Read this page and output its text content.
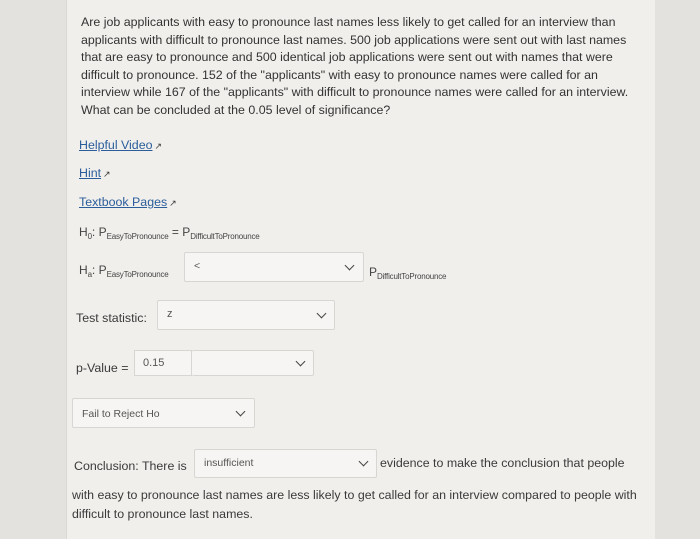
Are job applicants with easy to pronounce last names less likely to get called for an interview than applicants with difficult to pronounce last names. 500 job applications were sent out with last names that are easy to pronounce and 500 identical job applications were sent out with names that were difficult to pronounce. 152 of the "applicants" with easy to pronounce names were called for an interview while 167 of the "applicants" with difficult to pronounce names were called for an interview. What can be concluded at the 0.05 level of significance?
Helpful Video ↗
Hint ↗
Textbook Pages ↗
$H_0$: $P_{EasyToPronounce} = P_{DifficultToPronounce}$
$H_a$: $P_{EasyToPronounce}$
<	$P_{DifficultToPronounce}$
Test statistic: z
p-Value = 0.15
Fail to Reject Ho
Conclusion: There is insufficient	evidence to make the conclusion that people
with easy to pronounce last names are less likely to get called for an interview compared to people with difficult to pronounce last names.
